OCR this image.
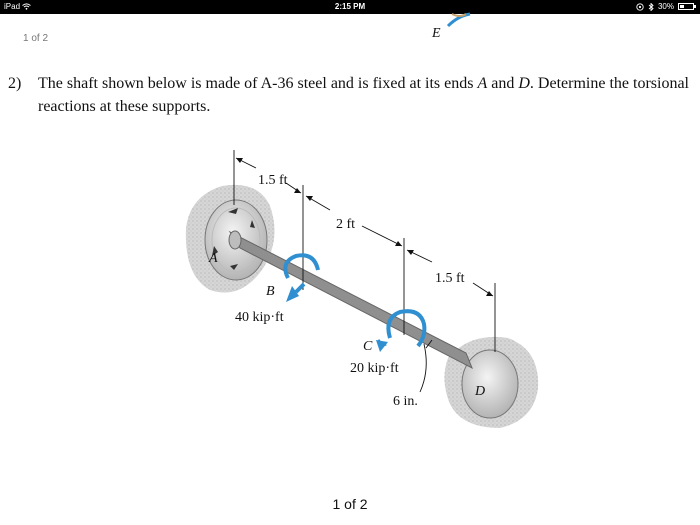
iPad	2:15 PM	30%
1 of 2
2) The shaft shown below is made of A-36 steel and is fixed at its ends A and D. Determine the torsional reactions at these supports.
E
A
D
1.5 ft
2 ft
1.5 ft
B
40 kip·ft
C
20 kip·ft
6 in.
1 of 2
